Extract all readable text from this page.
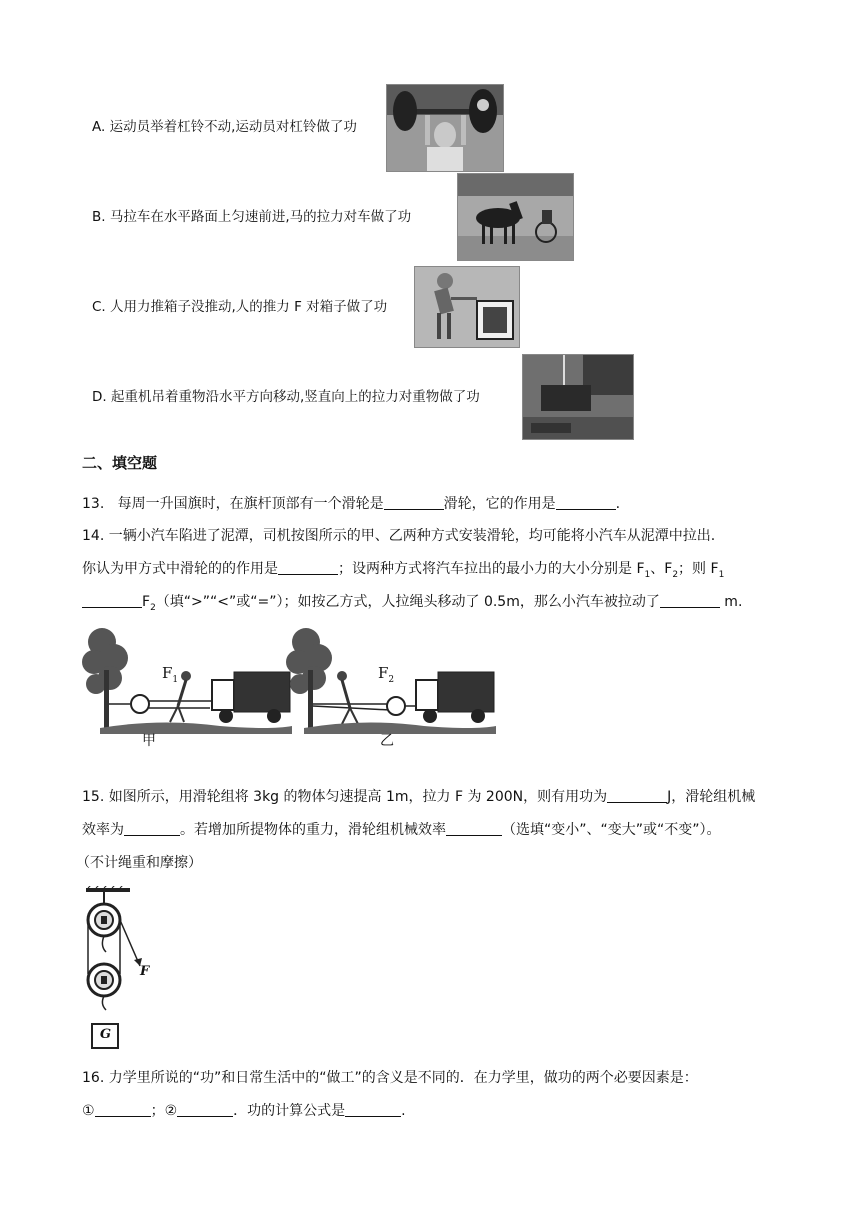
A. 运动员举着杠铃不动,运动员对杠铃做了功
B. 马拉车在水平路面上匀速前进,马的拉力对车做了功
C. 人用力推箱子没推动,人的推力 F 对箱子做了功
D. 起重机吊着重物沿水平方向移动,竖直向上的拉力对重物做了功
二、填空题
13. 每周一升国旗时，在旗杆顶部有一个滑轮是	滑轮，它的作用是	.
14. 一辆小汽车陷进了泥潭，司机按图所示的甲、乙两种方式安装滑轮，均可能将小汽车从泥潭中拉出.
你认为甲方式中滑轮的的作用是	；设两种方式将汽车拉出的最小力的大小分别是 $F_1$、$F_2$；则 $F_1$
$F_2$（填“>”“<”或“=”）；如按乙方式，人拉绳头移动了 0.5m，那么小汽车被拉动了	m.
$F_1$
甲
$F_2$
乙
15. 如图所示，用滑轮组将 3kg 的物体匀速提高 1m，拉力 F 为 200N，则有用功为	J，滑轮组机械
效率为	。若增加所提物体的重力，滑轮组机械效率	（选填“变小”、“变大”或“不变”）。
（不计绳重和摩擦）
F
G
16. 力学里所说的“功”和日常生活中的“做工”的含义是不同的．在力学里，做功的两个必要因素是：
①	；②	．功的计算公式是	.
